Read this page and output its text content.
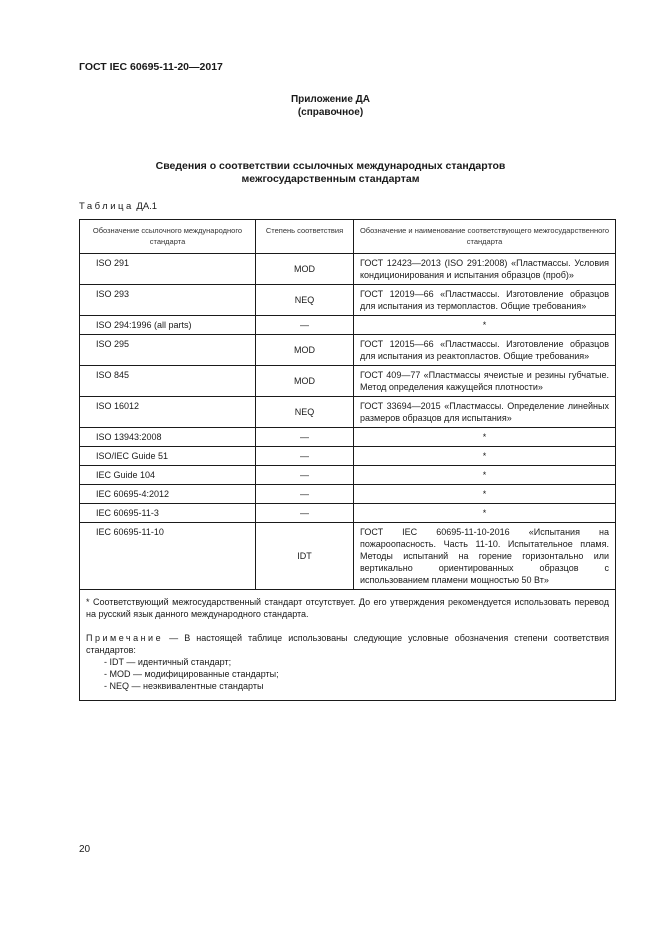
ГОСТ IEC 60695-11-20—2017
Приложение ДА
(справочное)
Сведения о соответствии ссылочных международных стандартов
межгосударственным стандартам
Таблица ДА.1
Обозначение ссылочного международного стандарта	Степень соответствия	Обозначение и наименование соответствующего межгосударственного стандарта
ISO 291	MOD	ГОСТ 12423—2013 (ISO 291:2008) «Пластмассы. Условия кондиционирования и испытания образцов (проб)»
ISO 293	NEQ	ГОСТ 12019—66 «Пластмассы. Изготовление образцов для испытания из термопластов. Общие требования»
ISO 294:1996 (all parts)	—	*
ISO 295	MOD	ГОСТ 12015—66 «Пластмассы. Изготовление образцов для испытания из реактопластов. Общие требования»
ISO 845	MOD	ГОСТ 409—77 «Пластмассы ячеистые и резины губчатые. Метод определения кажущейся плотности»
ISO 16012	NEQ	ГОСТ 33694—2015 «Пластмассы. Определение линейных размеров образцов для испытания»
ISO 13943:2008	—	*
ISO/IEC Guide 51	—	*
IEC Guide 104	—	*
IEC 60695-4:2012	—	*
IEC 60695-11-3	—	*
IEC 60695-11-10	IDT	ГОСТ IEC 60695-11-10-2016 «Испытания на пожароопасность. Часть 11-10. Испытательное пламя. Методы испытаний на горение горизонтально или вертикально ориентированных образцов с использованием пламени мощностью 50 Вт»

* Соответствующий межгосударственный стандарт отсутствует. До его утверждения рекомендуется использовать перевод на русский язык данного международного стандарта.

Примечание — В настоящей таблице использованы следующие условные обозначения степени соответствия стандартов:

- IDT — идентичный стандарт;

- MOD — модифицированные стандарты;

- NEQ — неэквивалентные стандарты		

20
